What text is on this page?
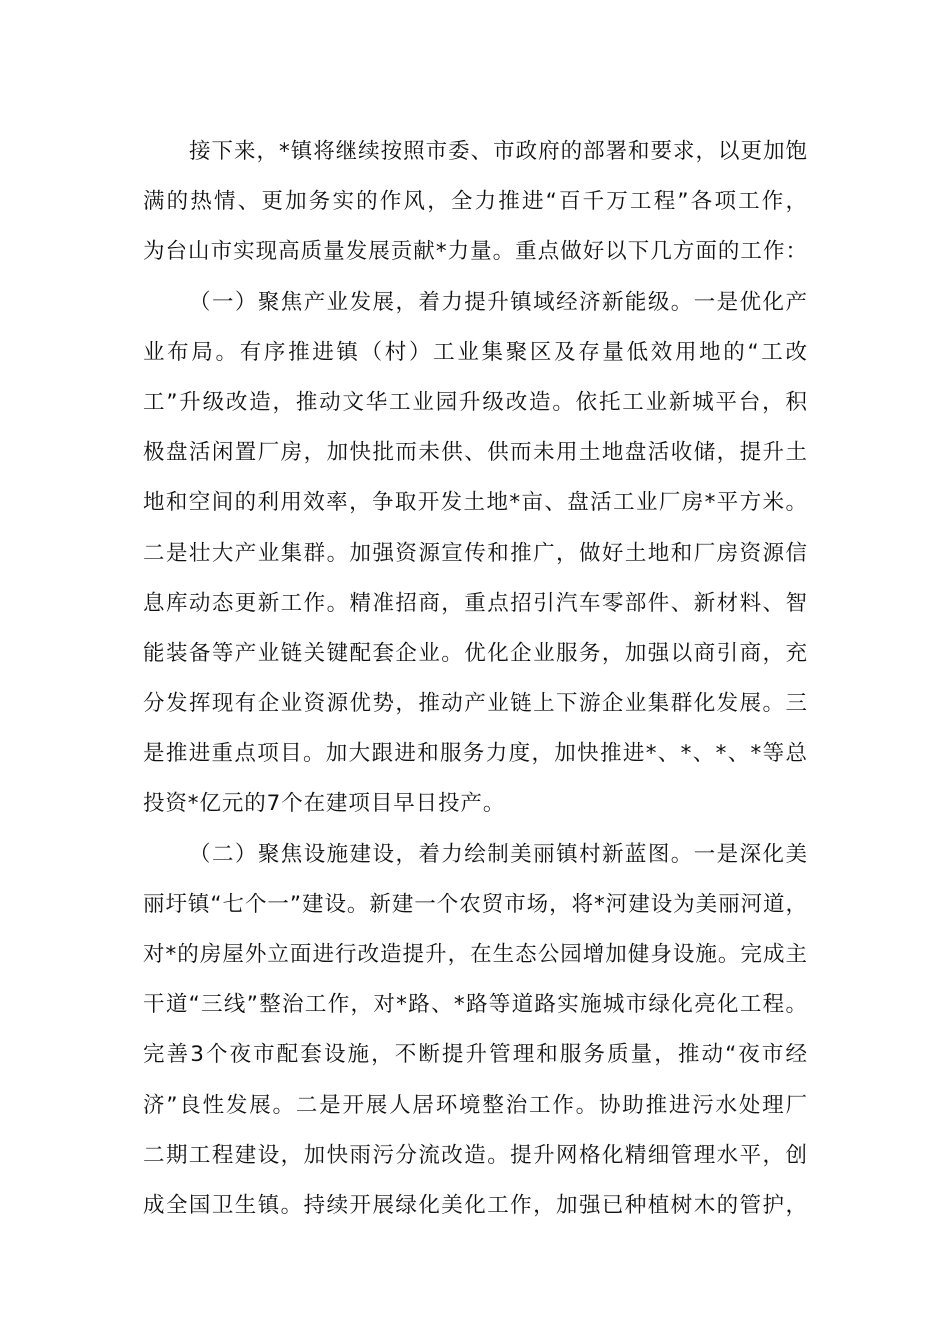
接下来，*镇将继续按照市委、市政府的部署和要求，以更加饱
满的热情、更加务实的作风，全力推进“百千万工程”各项工作，
为台山市实现高质量发展贡献*力量。重点做好以下几方面的工作：
（一）聚焦产业发展，着力提升镇域经济新能级。一是优化产
业布局。有序推进镇（村）工业集聚区及存量低效用地的“工改
工”升级改造，推动文华工业园升级改造。依托工业新城平台，积
极盘活闲置厂房，加快批而未供、供而未用土地盘活收储，提升土
地和空间的利用效率，争取开发土地*亩、盘活工业厂房*平方米。
二是壮大产业集群。加强资源宣传和推广，做好土地和厂房资源信
息库动态更新工作。精准招商，重点招引汽车零部件、新材料、智
能装备等产业链关键配套企业。优化企业服务，加强以商引商，充
分发挥现有企业资源优势，推动产业链上下游企业集群化发展。三
是推进重点项目。加大跟进和服务力度，加快推进*、*、*、*等总
投资*亿元的7个在建项目早日投产。
（二）聚焦设施建设，着力绘制美丽镇村新蓝图。一是深化美
丽圩镇“七个一”建设。新建一个农贸市场，将*河建设为美丽河道，
对*的房屋外立面进行改造提升，在生态公园增加健身设施。完成主
干道“三线”整治工作，对*路、*路等道路实施城市绿化亮化工程。
完善3个夜市配套设施，不断提升管理和服务质量，推动“夜市经
济”良性发展。二是开展人居环境整治工作。协助推进污水处理厂
二期工程建设，加快雨污分流改造。提升网格化精细管理水平，创
成全国卫生镇。持续开展绿化美化工作，加强已种植树木的管护，
